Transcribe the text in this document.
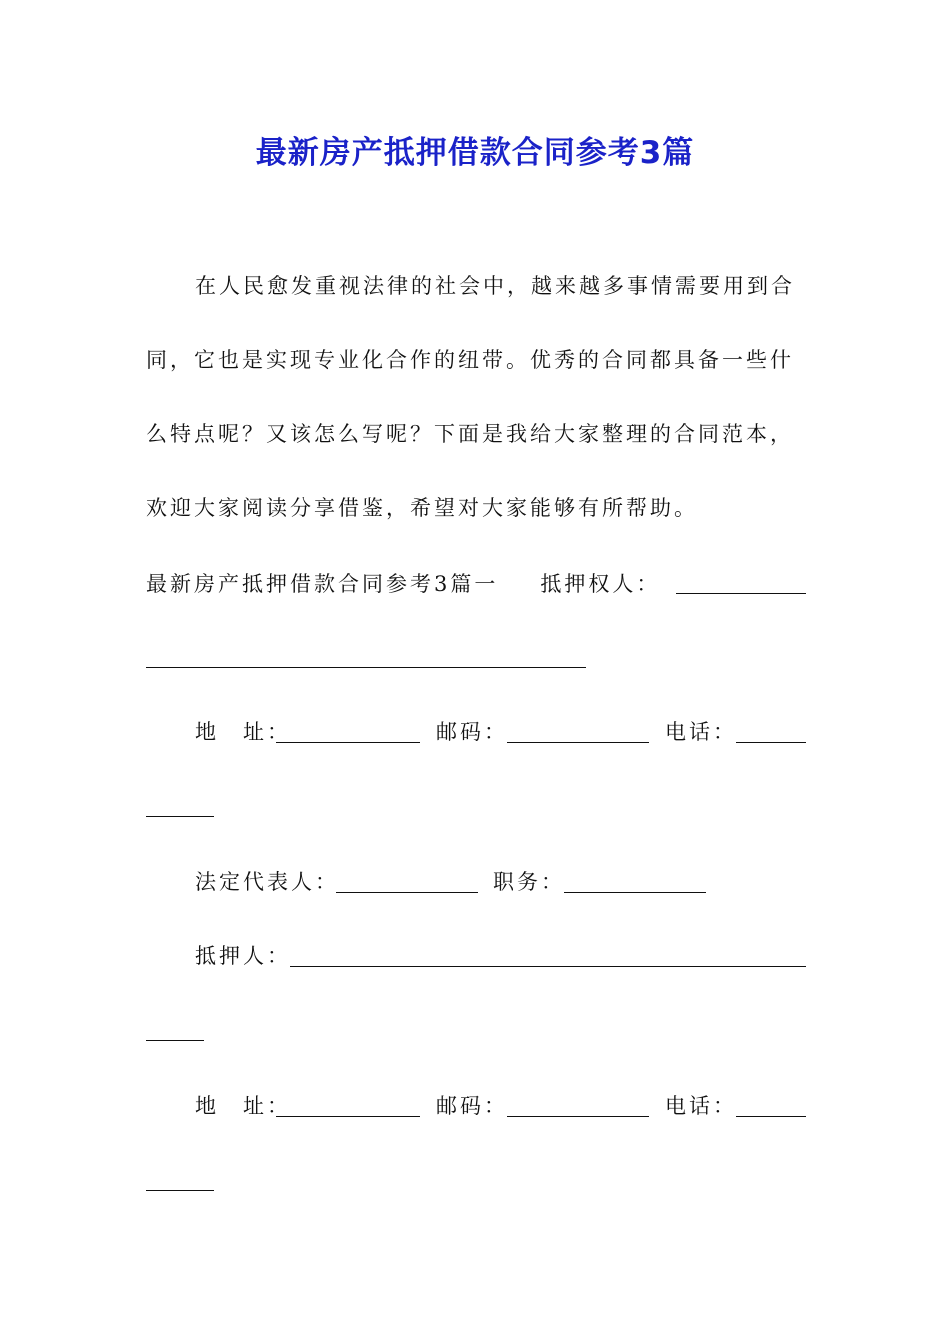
最新房产抵押借款合同参考3篇
在人民愈发重视法律的社会中，越来越多事情需要用到合
同，它也是实现专业化合作的纽带。优秀的合同都具备一些什
么特点呢？又该怎么写呢？下面是我给大家整理的合同范本，
欢迎大家阅读分享借鉴，希望对大家能够有所帮助。
最新房产抵押借款合同参考3篇一 抵押权人：
地　址：	邮码：	电话：
法定代表人：	职务：
抵押人：
地　址：	邮码：	电话：
